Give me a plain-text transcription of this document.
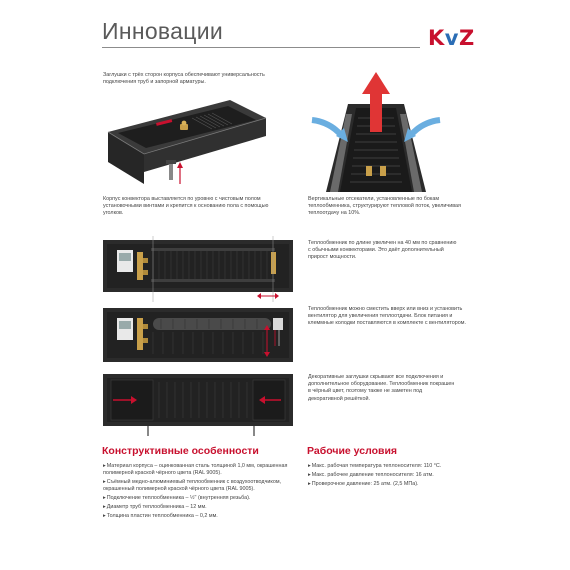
Инновации	KvZ
Заглушки с трёх сторон корпуса обеспечивают универсальность подключения труб и запорной арматуры.
Корпус конвектора выставляется по уровню с чистовым полом установочными винтами и крепится к основанию пола с помощью уголков.
Вертикальные отсекатели, установленные по бокам теплообменника, структурируют тепловой поток, увеличивая теплоотдачу на 10%.
Теплообменник по длине увеличен на 40 мм по сравнению с обычными конвекторами. Это даёт дополнительный прирост мощности.
Теплообменник можно сместить вверх или вниз и установить вентилятор для увеличения теплоотдачи. Блок питания и клеммные колодки поставляются в комплекте с вентилятором.
Декоративные заглушки скрывают все подключения и дополнительное оборудование. Теплообменник покрашен в чёрный цвет, поэтому также не заметен под декоративной решёткой.
Конструктивные особенности
▸ Материал корпуса – оцинкованная сталь толщиной 1,0 мм, окрашенная полимерной краской чёрного цвета (RAL 9005).
▸ Съёмный медно-алюминиевый теплообменник с воздухоотводчиком, окрашенный полимерной краской чёрного цвета (RAL 9005).
▸ Подключение теплообменника – ½" (внутренняя резьба).
▸ Диаметр труб теплообменника – 12 мм.
▸ Толщина пластин теплообменника – 0,2 мм.
Рабочие условия
▸ Макс. рабочая температура теплоносителя: 110 °С.
▸ Макс. рабочее давление теплоносителя: 16 атм.
▸ Проверочное давление: 25 атм. (2,5 МПа).
